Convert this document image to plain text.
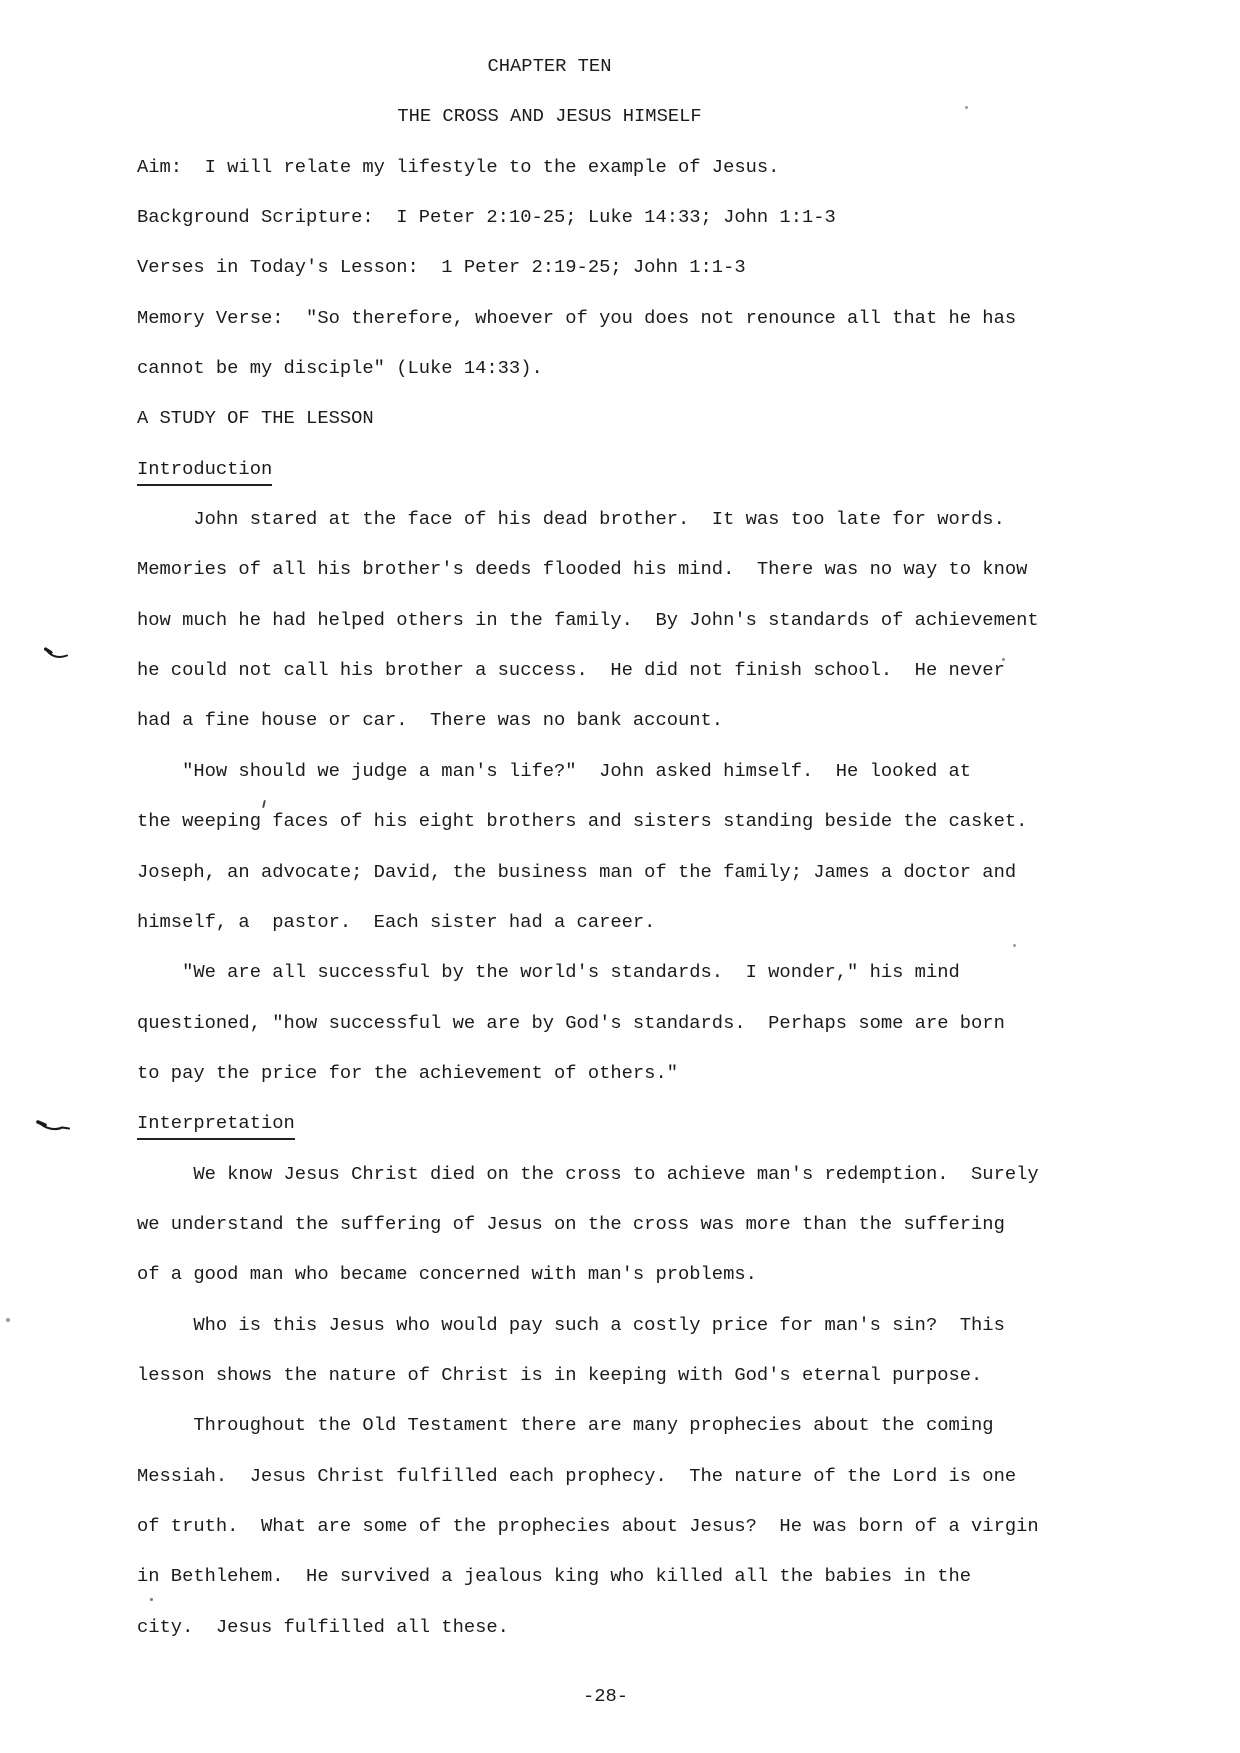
CHAPTER TEN
THE CROSS AND JESUS HIMSELF
Aim:  I will relate my lifestyle to the example of Jesus.
Background Scripture:  I Peter 2:10-25; Luke 14:33; John 1:1-3
Verses in Today's Lesson:  1 Peter 2:19-25; John 1:1-3
Memory Verse:  "So therefore, whoever of you does not renounce all that he has
cannot be my disciple" (Luke 14:33).
A STUDY OF THE LESSON
Introduction
John stared at the face of his dead brother.  It was too late for words.
Memories of all his brother's deeds flooded his mind.  There was no way to know
how much he had helped others in the family.  By John's standards of achievement
he could not call his brother a success.  He did not finish school.  He never
had a fine house or car.  There was no bank account.
"How should we judge a man's life?"  John asked himself.  He looked at
the weeping faces of his eight brothers and sisters standing beside the casket.
Joseph, an advocate; David, the business man of the family; James a doctor and
himself, a  pastor.  Each sister had a career.
"We are all successful by the world's standards.  I wonder," his mind
questioned, "how successful we are by God's standards.  Perhaps some are born
to pay the price for the achievement of others."
Interpretation
We know Jesus Christ died on the cross to achieve man's redemption.  Surely
we understand the suffering of Jesus on the cross was more than the suffering
of a good man who became concerned with man's problems.
Who is this Jesus who would pay such a costly price for man's sin?  This
lesson shows the nature of Christ is in keeping with God's eternal purpose.
Throughout the Old Testament there are many prophecies about the coming
Messiah.  Jesus Christ fulfilled each prophecy.  The nature of the Lord is one
of truth.  What are some of the prophecies about Jesus?  He was born of a virgin
in Bethlehem.  He survived a jealous king who killed all the babies in the
city.  Jesus fulfilled all these.
-28-
